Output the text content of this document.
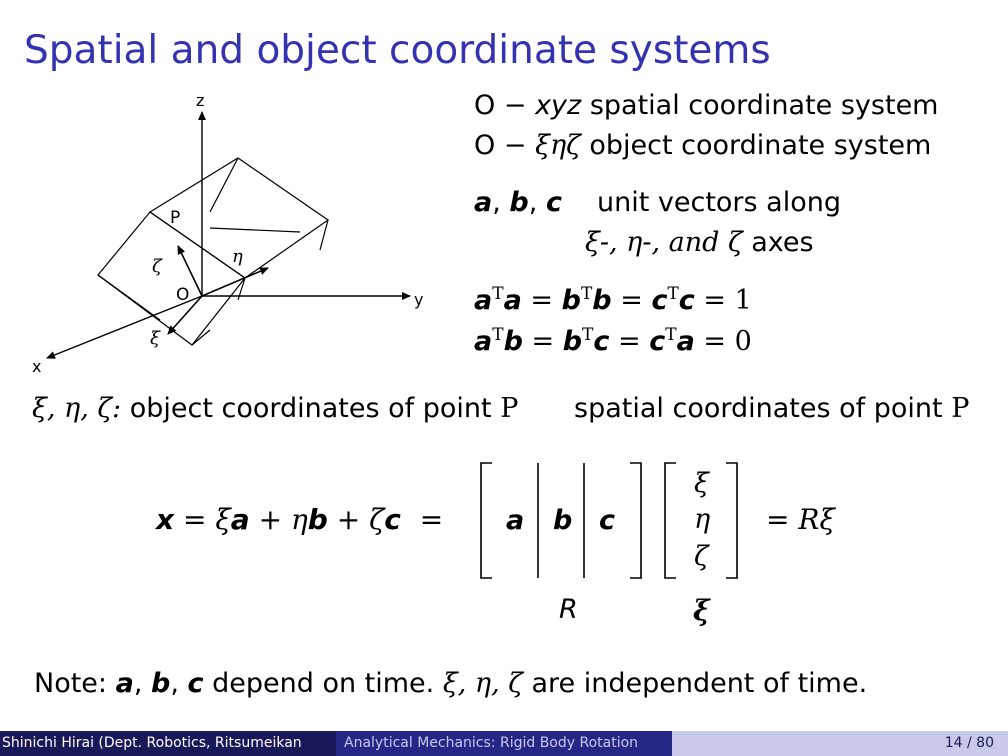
Spatial and object coordinate systems
z
y
x
P
O
ζ	η
ξ
O − xyz spatial coordinate system
O − ξηζ object coordinate system
a, b, c unit vectors along
ξ-, η-, and ζ axes
$a^Ta = b^Tb = c^Tc = 1$
$a^Tb = b^Tc = c^Ta = 0$
ξ, η, ζ: object coordinates of point P spatial coordinates of point P
x = ξa + ηb + ζc = a b c
ξ
η
ζ
= Rξ
R	ξ
Note: a, b, c depend on time. ξ, η, ζ are independent of time.
Shinichi Hirai (Dept. Robotics, Ritsumeikan	Analytical Mechanics: Rigid Body Rotation	14 / 80
